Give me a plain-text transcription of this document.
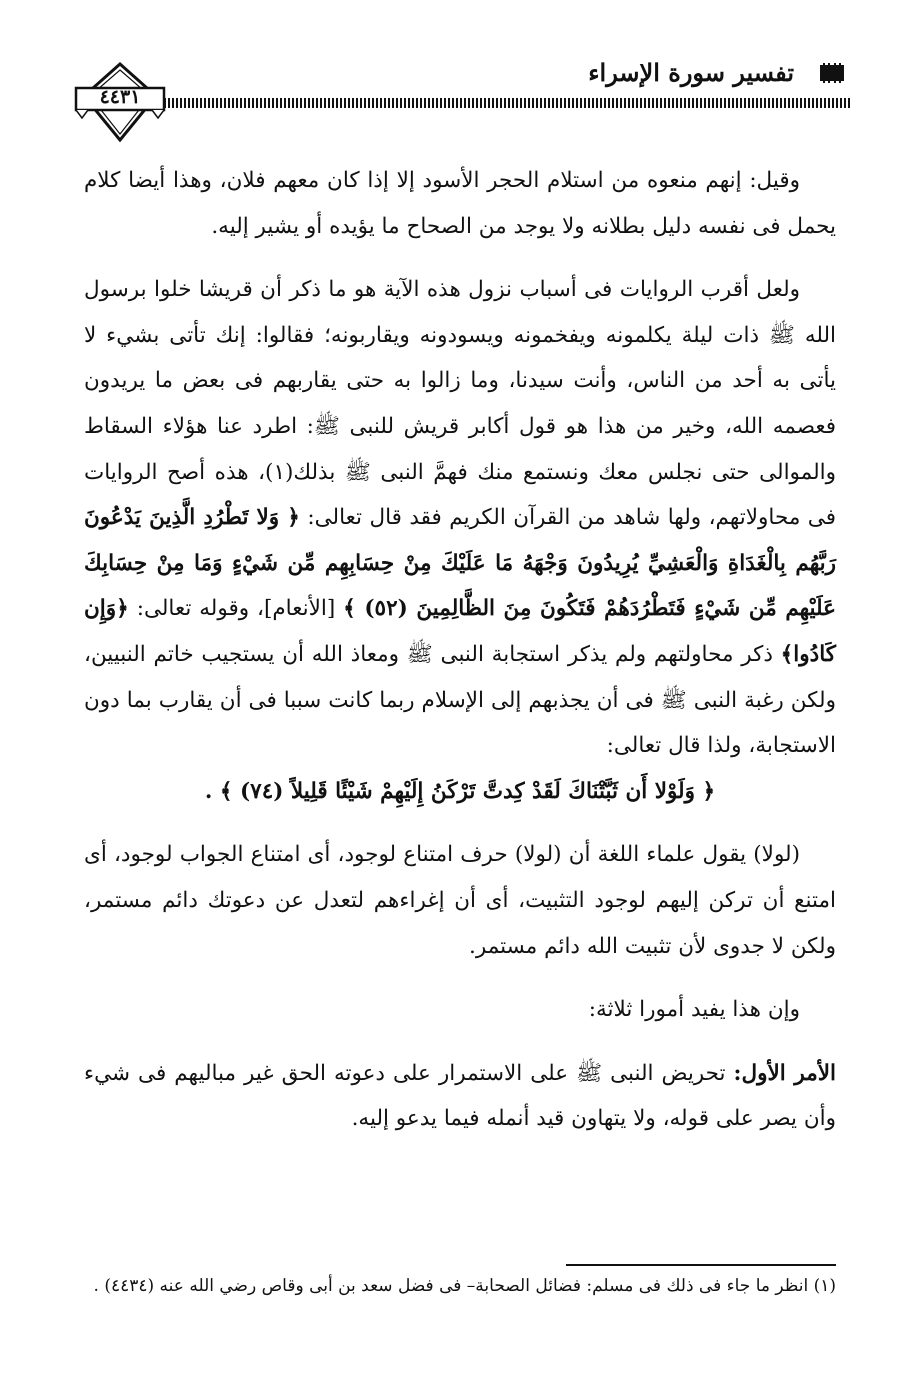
تفسير سورة الإسراء
٤٤٣١

وقيل: إنهم منعوه من استلام الحجر الأسود إلا إذا كان معهم فلان، وهذا أيضا كلام يحمل فى نفسه دليل بطلانه ولا يوجد من الصحاح ما يؤيده أو يشير إليه.

ولعل أقرب الروايات فى أسباب نزول هذه الآية هو ما ذكر أن قريشا خلوا برسول الله ﷺ ذات ليلة يكلمونه ويفخمونه ويسودونه ويقاربونه؛ فقالوا: إنك تأتى بشيء لا يأتى به أحد من الناس، وأنت سيدنا، وما زالوا به حتى يقاربهم فى بعض ما يريدون فعصمه الله، وخير من هذا هو قول أكابر قريش للنبى ﷺ: اطرد عنا هؤلاء السقاط والموالى حتى نجلس معك ونستمع منك فهمَّ النبى ﷺ بذلك(١)، هذه أصح الروايات فى محاولاتهم، ولها شاهد من القرآن الكريم فقد قال تعالى: ﴿ وَلا تَطْرُدِ الَّذِينَ يَدْعُونَ رَبَّهُم بِالْغَدَاةِ وَالْعَشِيِّ يُرِيدُونَ وَجْهَهُ مَا عَلَيْكَ مِنْ حِسَابِهِم مِّن شَيْءٍ وَمَا مِنْ حِسَابِكَ عَلَيْهِم مِّن شَيْءٍ فَتَطْرُدَهُمْ فَتَكُونَ مِنَ الظَّالِمِينَ (٥٢) ﴾ [الأنعام]، وقوله تعالى: ﴿وَإِن كَادُوا﴾ ذكر محاولتهم ولم يذكر استجابة النبى ﷺ ومعاذ الله أن يستجيب خاتم النبيين، ولكن رغبة النبى ﷺ فى أن يجذبهم إلى الإسلام ربما كانت سببا فى أن يقارب بما دون الاستجابة، ولذا قال تعالى:

﴿ وَلَوْلا أَن ثَبَّتْنَاكَ لَقَدْ كِدتَّ تَرْكَنُ إِلَيْهِمْ شَيْئًا قَلِيلاً (٧٤) ﴾ .

(لولا) يقول علماء اللغة أن (لولا) حرف امتناع لوجود، أى امتناع الجواب لوجود، أى امتنع أن تركن إليهم لوجود التثبيت، أى أن إغراءهم لتعدل عن دعوتك دائم مستمر، ولكن لا جدوى لأن تثبيت الله دائم مستمر.

وإن هذا يفيد أمورا ثلاثة:

الأمر الأول: تحريض النبى ﷺ على الاستمرار على دعوته الحق غير مباليهم فى شيء وأن يصر على قوله، ولا يتهاون قيد أنمله فيما يدعو إليه.

(١) انظر ما جاء فى ذلك فى مسلم: فضائل الصحابة– فى فضل سعد بن أبى وقاص رضي الله عنه (٤٤٣٤) .
